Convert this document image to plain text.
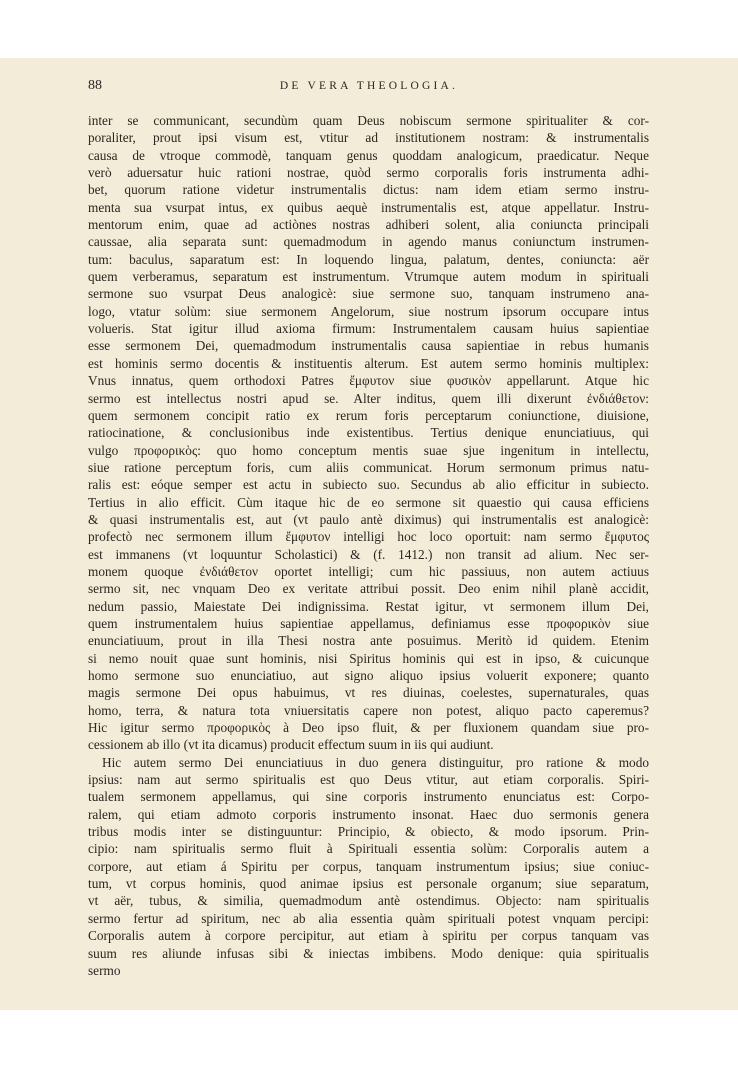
88	DE VERA THEOLOGIA.
inter se communicant, secundùm quam Deus nobiscum sermone spiritualiter & cor-
poraliter, prout ipsi visum est, vtitur ad institutionem nostram: & instrumentalis
causa de vtroque commodè, tanquam genus quoddam analogicum, praedicatur. Neque
verò aduersatur huic rationi nostrae, quòd sermo corporalis foris instrumenta adhi-
bet, quorum ratione videtur instrumentalis dictus: nam idem etiam sermo instru-
menta sua vsurpat intus, ex quibus aequè instrumentalis est, atque appellatur. Instru-
mentorum enim, quae ad actiònes nostras adhiberi solent, alia coniuncta principali
caussae, alia separata sunt: quemadmodum in agendo manus coniunctum instrumen-
tum: baculus, saparatum est: In loquendo lingua, palatum, dentes, coniuncta: aër
quem verberamus, separatum est instrumentum. Vtrumque autem modum in spirituali
sermone suo vsurpat Deus analogicè: siue sermone suo, tanquam instrumeno ana-
logo, vtatur solùm: siue sermonem Angelorum, siue nostrum ipsorum occupare intus
volueris. Stat igitur illud axioma firmum: Instrumentalem causam huius sapientiae
esse sermonem Dei, quemadmodum instrumentalis causa sapientiae in rebus humanis
est hominis sermo docentis & instituentis alterum. Est autem sermo hominis multiplex:
Vnus innatus, quem orthodoxi Patres ἔμφυτον siue φυσικὸν appellarunt. Atque hic
sermo est intellectus nostri apud se. Alter inditus, quem illi dixerunt ἐνδιάθετον:
quem sermonem concipit ratio ex rerum foris perceptarum coniunctione, diuisione,
ratiocinatione, & conclusionibus inde existentibus. Tertius denique enunciatiuus, qui
vulgo προφορικὸς: quo homo conceptum mentis suae sjue ingenitum in intellectu,
siue ratione perceptum foris, cum aliis communicat. Horum sermonum primus natu-
ralis est: eóque semper est actu in subiecto suo. Secundus ab alio efficitur in subiecto.
Tertius in alio efficit. Cùm itaque hic de eo sermone sit quaestio qui causa efficiens
& quasi instrumentalis est, aut (vt paulo antè diximus) qui instrumentalis est analogicè:
profectò nec sermonem illum ἔμφυτον intelligi hoc loco oportuit: nam sermo ἔμφυτος
est immanens (vt loquuntur Scholastici) & (f. 1412.) non transit ad alium. Nec ser-
monem quoque ἐνδιάθετον oportet intelligi; cum hic passiuus, non autem actiuus
sermo sit, nec vnquam Deo ex veritate attribui possit. Deo enim nihil planè accidit,
nedum passio, Maiestate Dei indignissima. Restat igitur, vt sermonem illum Dei,
quem instrumentalem huius sapientiae appellamus, definiamus esse προφορικὸν siue
enunciatiuum, prout in illa Thesi nostra ante posuimus. Meritò id quidem. Etenim
si nemo nouit quae sunt hominis, nisi Spiritus hominis qui est in ipso, & cuicunque
homo sermone suo enunciatiuo, aut signo aliquo ipsius voluerit exponere; quanto
magis sermone Dei opus habuimus, vt res diuinas, coelestes, supernaturales, quas
homo, terra, & natura tota vniuersitatis capere non potest, aliquo pacto caperemus?
Hic igitur sermo προφορικὸς à Deo ipso fluit, & per fluxionem quandam siue pro-
cessionem ab illo (vt ita dicamus) producit effectum suum in iis qui audiunt.
Hic autem sermo Dei enunciatiuus in duo genera distinguitur, pro ratione & modo
ipsius: nam aut sermo spiritualis est quo Deus vtitur, aut etiam corporalis. Spiri-
tualem sermonem appellamus, qui sine corporis instrumento enunciatus est: Corpo-
ralem, qui etiam admoto corporis instrumento insonat. Haec duo sermonis genera
tribus modis inter se distinguuntur: Principio, & obiecto, & modo ipsorum. Prin-
cipio: nam spiritualis sermo fluit à Spirituali essentia solùm: Corporalis autem a
corpore, aut etiam á Spiritu per corpus, tanquam instrumentum ipsius; siue coniuc-
tum, vt corpus hominis, quod animae ipsius est personale organum; siue separatum,
vt aër, tubus, & similia, quemadmodum antè ostendimus. Objecto: nam spiritualis
sermo fertur ad spiritum, nec ab alia essentia quàm spirituali potest vnquam percipi:
Corporalis autem à corpore percipitur, aut etiam à spiritu per corpus tanquam vas
suum res aliunde infusas sibi & iniectas imbibens. Modo denique: quia spiritualis
sermo
